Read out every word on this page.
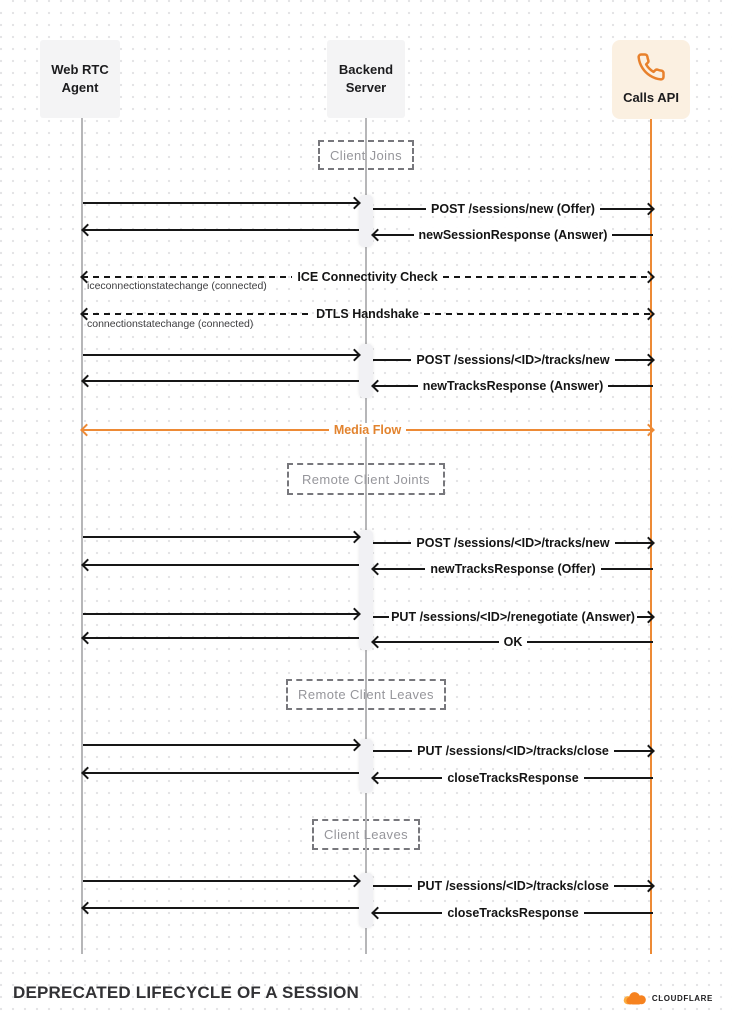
Web RTC Agent
Backend Server
Calls API
Client Joins
Remote Client Joints
Remote Client Leaves
Client Leaves
POST /sessions/new (Offer)
newSessionResponse (Answer)
ICE Connectivity Check
iceconnectionstatechange (connected)
DTLS Handshake
connectionstatechange (connected)
POST /sessions/<ID>/tracks/new
newTracksResponse (Answer)
Media Flow
POST /sessions/<ID>/tracks/new
newTracksResponse (Offer)
PUT /sessions/<ID>/renegotiate (Answer)
OK
PUT /sessions/<ID>/tracks/close
closeTracksResponse
PUT /sessions/<ID>/tracks/close
closeTracksResponse
DEPRECATED LIFECYCLE OF A SESSION	CLOUDFLARE
